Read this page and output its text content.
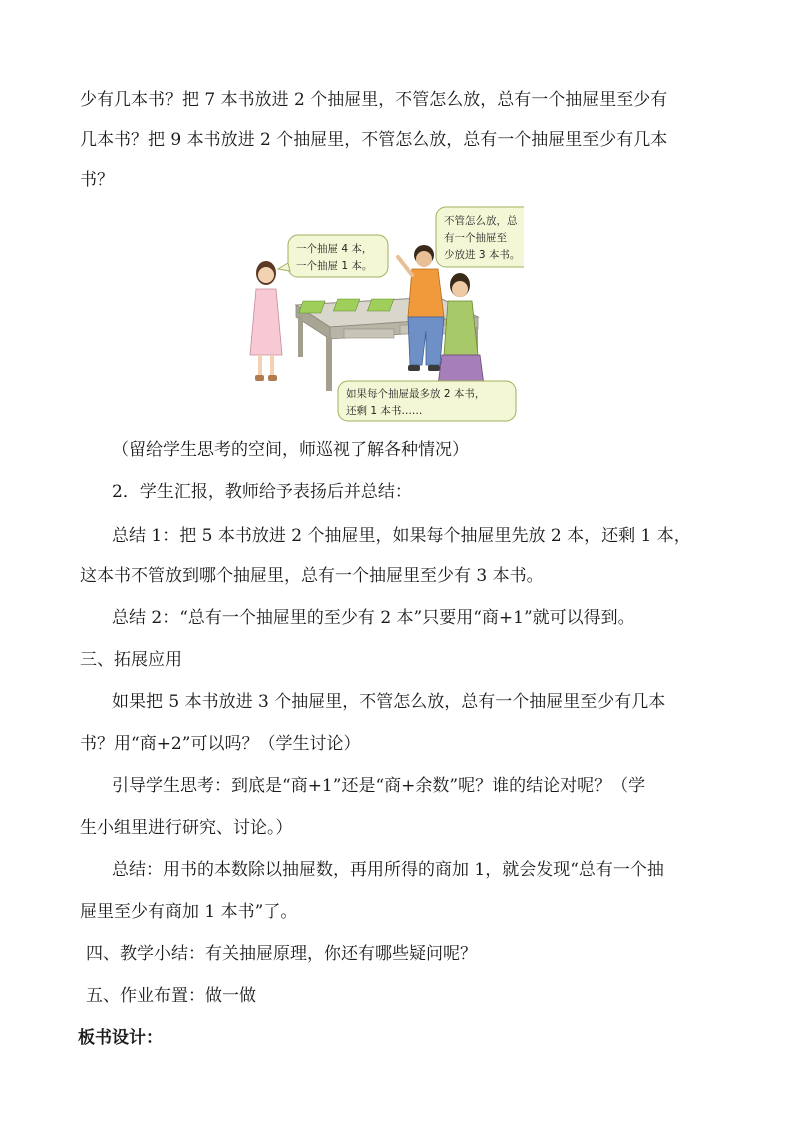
少有几本书？把 7 本书放进 2 个抽屉里，不管怎么放，总有一个抽屉里至少有
几本书？把 9 本书放进 2 个抽屉里，不管怎么放，总有一个抽屉里至少有几本
书？
不管怎么放，总
有一个抽屉至
少放进 3 本书。
一个抽屉 4 本，
一个抽屉 1 本。
如果每个抽屉最多放 2 本书，
还剩 1 本书……
（留给学生思考的空间，师巡视了解各种情况）
2．学生汇报，教师给予表扬后并总结：
总结 1：把 5 本书放进 2 个抽屉里，如果每个抽屉里先放 2 本，还剩 1 本，
这本书不管放到哪个抽屉里，总有一个抽屉里至少有 3 本书。
总结 2：“总有一个抽屉里的至少有 2 本”只要用“商+1”就可以得到。
三、拓展应用
如果把 5 本书放进 3 个抽屉里，不管怎么放，总有一个抽屉里至少有几本
书？用“商+2”可以吗？（学生讨论）
引导学生思考：到底是“商+1”还是“商+余数”呢？谁的结论对呢？（学
生小组里进行研究、讨论。）
总结：用书的本数除以抽屉数，再用所得的商加 1，就会发现“总有一个抽
屉里至少有商加 1 本书”了。
四、教学小结：有关抽屉原理，你还有哪些疑问呢？
五、作业布置：做一做
板书设计：
